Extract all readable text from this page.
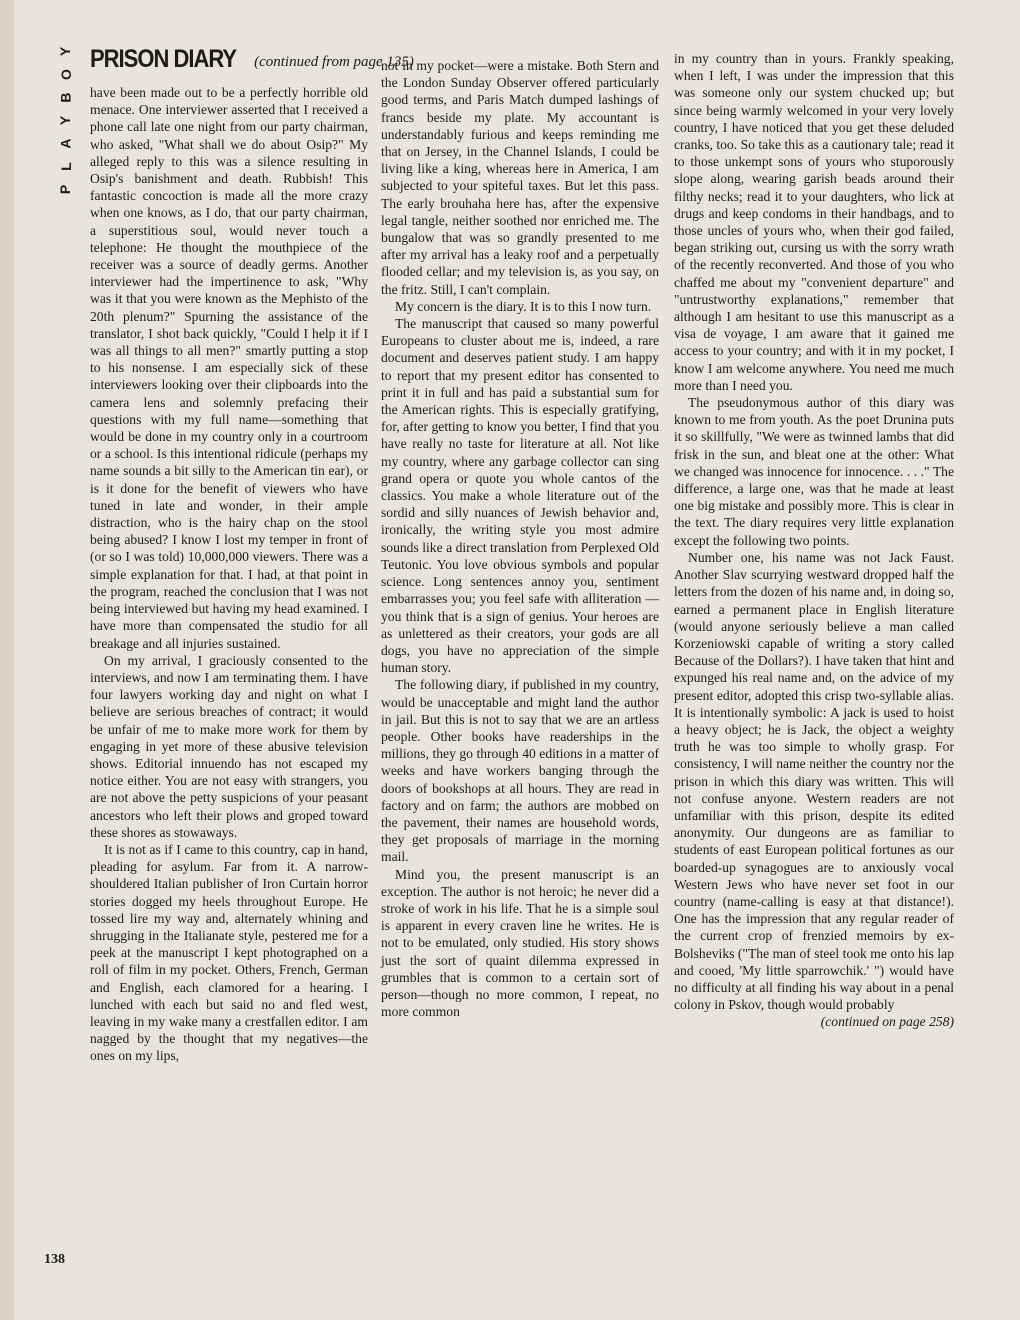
Y
O
B
Y
A
L
P
PRISON DIARY (continued from page 135)

have been made out to be a perfectly horrible old menace. One interviewer asserted that I received a phone call late one night from our party chairman, who asked, "What shall we do about Osip?" My alleged reply to this was a silence resulting in Osip's banishment and death. Rubbish! This fantastic concoction is made all the more crazy when one knows, as I do, that our party chairman, a superstitious soul, would never touch a telephone: He thought the mouthpiece of the receiver was a source of deadly germs. Another interviewer had the impertinence to ask, "Why was it that you were known as the Mephisto of the 20th plenum?" Spurning the assistance of the translator, I shot back quickly, "Could I help it if I was all things to all men?" smartly putting a stop to his nonsense. I am especially sick of these interviewers looking over their clipboards into the camera lens and solemnly prefacing their questions with my full name—something that would be done in my country only in a courtroom or a school. Is this intentional ridicule (perhaps my name sounds a bit silly to the American tin ear), or is it done for the benefit of viewers who have tuned in late and wonder, in their ample distraction, who is the hairy chap on the stool being abused? I know I lost my temper in front of (or so I was told) 10,000,000 viewers. There was a simple explanation for that. I had, at that point in the program, reached the conclusion that I was not being interviewed but having my head examined. I have more than compensated the studio for all breakage and all injuries sustained.

On my arrival, I graciously consented to the interviews, and now I am terminating them. I have four lawyers working day and night on what I believe are serious breaches of contract; it would be unfair of me to make more work for them by engaging in yet more of these abusive television shows. Editorial innuendo has not escaped my notice either. You are not easy with strangers, you are not above the petty suspicions of your peasant ancestors who left their plows and groped toward these shores as stowaways.

It is not as if I came to this country, cap in hand, pleading for asylum. Far from it. A narrow-shouldered Italian publisher of Iron Curtain horror stories dogged my heels throughout Europe. He tossed lire my way and, alternately whining and shrugging in the Italianate style, pestered me for a peek at the manuscript I kept photographed on a roll of film in my pocket. Others, French, German and English, each clamored for a hearing. I lunched with each but said no and fled west, leaving in my wake many a crestfallen editor. I am nagged by the thought that my negatives—the ones on my lips,

not in my pocket—were a mistake. Both Stern and the London Sunday Observer offered particularly good terms, and Paris Match dumped lashings of francs beside my plate. My accountant is understandably furious and keeps reminding me that on Jersey, in the Channel Islands, I could be living like a king, whereas here in America, I am subjected to your spiteful taxes. But let this pass. The early brouhaha here has, after the expensive legal tangle, neither soothed nor enriched me. The bungalow that was so grandly presented to me after my arrival has a leaky roof and a perpetually flooded cellar; and my television is, as you say, on the fritz. Still, I can't complain.

My concern is the diary. It is to this I now turn.

The manuscript that caused so many powerful Europeans to cluster about me is, indeed, a rare document and deserves patient study. I am happy to report that my present editor has consented to print it in full and has paid a substantial sum for the American rights. This is especially gratifying, for, after getting to know you better, I find that you have really no taste for literature at all. Not like my country, where any garbage collector can sing grand opera or quote you whole cantos of the classics. You make a whole literature out of the sordid and silly nuances of Jewish behavior and, ironically, the writing style you most admire sounds like a direct translation from Perplexed Old Teutonic. You love obvious symbols and popular science. Long sentences annoy you, sentiment embarrasses you; you feel safe with alliteration —you think that is a sign of genius. Your heroes are as unlettered as their creators, your gods are all dogs, you have no appreciation of the simple human story.

The following diary, if published in my country, would be unacceptable and might land the author in jail. But this is not to say that we are an artless people. Other books have readerships in the millions, they go through 40 editions in a matter of weeks and have workers banging through the doors of bookshops at all hours. They are read in factory and on farm; the authors are mobbed on the pavement, their names are household words, they get proposals of marriage in the morning mail.

Mind you, the present manuscript is an exception. The author is not heroic; he never did a stroke of work in his life. That he is a simple soul is apparent in every craven line he writes. He is not to be emulated, only studied. His story shows just the sort of quaint dilemma expressed in grumbles that is common to a certain sort of person—though no more common, I repeat, no more common

in my country than in yours. Frankly speaking, when I left, I was under the impression that this was someone only our system chucked up; but since being warmly welcomed in your very lovely country, I have noticed that you get these deluded cranks, too. So take this as a cautionary tale; read it to those unkempt sons of yours who stuporously slope along, wearing garish beads around their filthy necks; read it to your daughters, who lick at drugs and keep condoms in their handbags, and to those uncles of yours who, when their god failed, began striking out, cursing us with the sorry wrath of the recently reconverted. And those of you who chaffed me about my "convenient departure" and "untrustworthy explanations," remember that although I am hesitant to use this manuscript as a visa de voyage, I am aware that it gained me access to your country; and with it in my pocket, I know I am welcome anywhere. You need me much more than I need you.

The pseudonymous author of this diary was known to me from youth. As the poet Drunina puts it so skillfully, "We were as twinned lambs that did frisk in the sun, and bleat one at the other: What we changed was innocence for innocence. . . ." The difference, a large one, was that he made at least one big mistake and possibly more. This is clear in the text. The diary requires very little explanation except the following two points.

Number one, his name was not Jack Faust. Another Slav scurrying westward dropped half the letters from the dozen of his name and, in doing so, earned a permanent place in English literature (would anyone seriously believe a man called Korzeniowski capable of writing a story called Because of the Dollars?). I have taken that hint and expunged his real name and, on the advice of my present editor, adopted this crisp two-syllable alias. It is intentionally symbolic: A jack is used to hoist a heavy object; he is Jack, the object a weighty truth he was too simple to wholly grasp. For consistency, I will name neither the country nor the prison in which this diary was written. This will not confuse anyone. Western readers are not unfamiliar with this prison, despite its edited anonymity. Our dungeons are as familiar to students of east European political fortunes as our boarded-up synagogues are to anxiously vocal Western Jews who have never set foot in our country (name-calling is easy at that distance!). One has the impression that any regular reader of the current crop of frenzied memoirs by ex-Bolsheviks ("The man of steel took me onto his lap and cooed, 'My little sparrowchik.' ") would have no difficulty at all finding his way about in a penal colony in Pskov, though would probably

(continued on page 258)

138
